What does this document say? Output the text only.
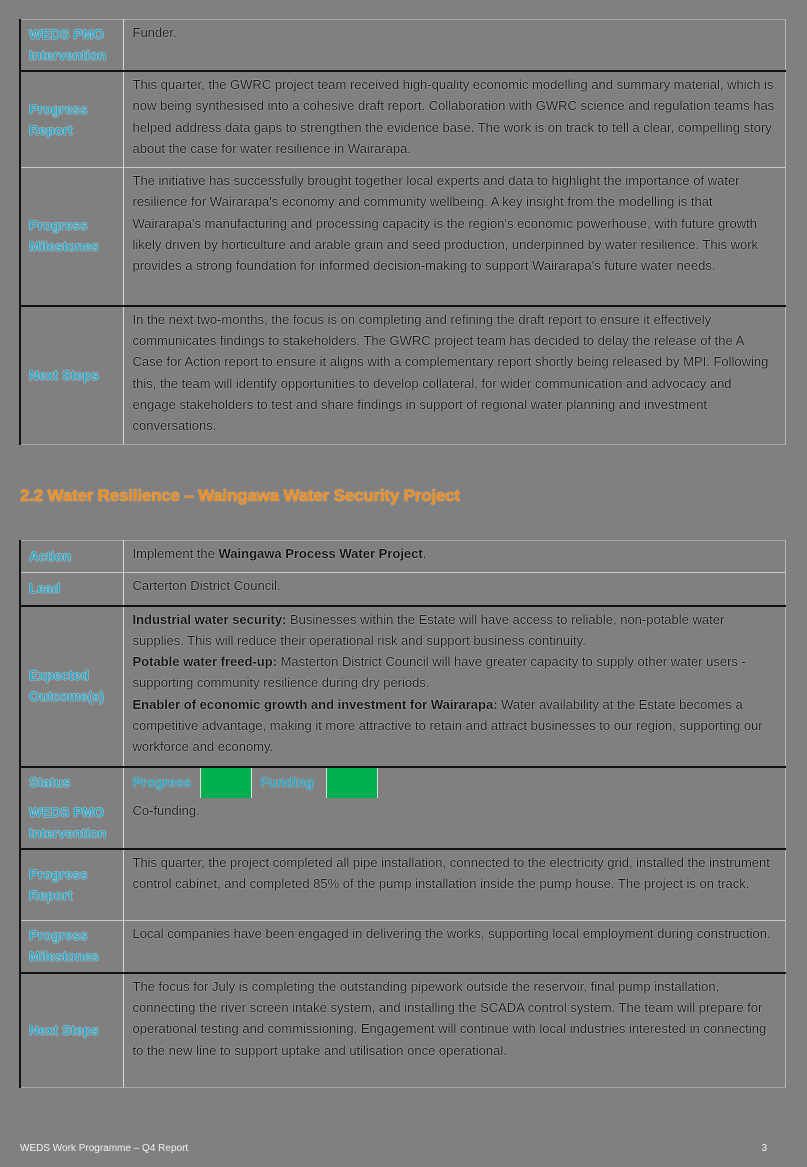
WEDS PMO Intervention	Funder.
Progress Report	This quarter, the GWRC project team received high-quality economic modelling and summary material, which is now being synthesised into a cohesive draft report. Collaboration with GWRC science and regulation teams has helped address data gaps to strengthen the evidence base. The work is on track to tell a clear, compelling story about the case for water resilience in Wairarapa.
Progress Milestones	The initiative has successfully brought together local experts and data to highlight the importance of water resilience for Wairarapa's economy and community wellbeing. A key insight from the modelling is that Wairarapa's manufacturing and processing capacity is the region's economic powerhouse, with future growth likely driven by horticulture and arable grain and seed production, underpinned by water resilience. This work provides a strong foundation for informed decision-making to support Wairarapa's future water needs.
Next Steps	In the next two-months, the focus is on completing and refining the draft report to ensure it effectively communicates findings to stakeholders. The GWRC project team has decided to delay the release of the A Case for Action report to ensure it aligns with a complementary report shortly being released by MPI. Following this, the team will identify opportunities to develop collateral, for wider communication and advocacy and engage stakeholders to test and share findings in support of regional water planning and investment conversations.
2.2 Water Resilience – Waingawa Water Security Project
Action	Implement the Waingawa Process Water Project.
Lead	Carterton District Council.
Expected Outcome(s)	Industrial water security: Businesses within the Estate will have access to reliable, non-potable water supplies. This will reduce their operational risk and support business continuity.
Potable water freed-up: Masterton District Council will have greater capacity to supply other water users - supporting community resilience during dry periods.
Enabler of economic growth and investment for Wairarapa: Water availability at the Estate becomes a competitive advantage, making it more attractive to retain and attract businesses to our region, supporting our workforce and economy.

Status	Progress Funding

WEDS PMO Intervention	Co-funding.
Progress Report	This quarter, the project completed all pipe installation, connected to the electricity grid, installed the instrument control cabinet, and completed 85% of the pump installation inside the pump house. The project is on track.
Progress Milestones	Local companies have been engaged in delivering the works, supporting local employment during construction.
Next Steps	The focus for July is completing the outstanding pipework outside the reservoir, final pump installation, connecting the river screen intake system, and installing the SCADA control system. The team will prepare for operational testing and commissioning. Engagement will continue with local industries interested in connecting to the new line to support uptake and utilisation once operational.
WEDS Work Programme – Q4 Report	3
